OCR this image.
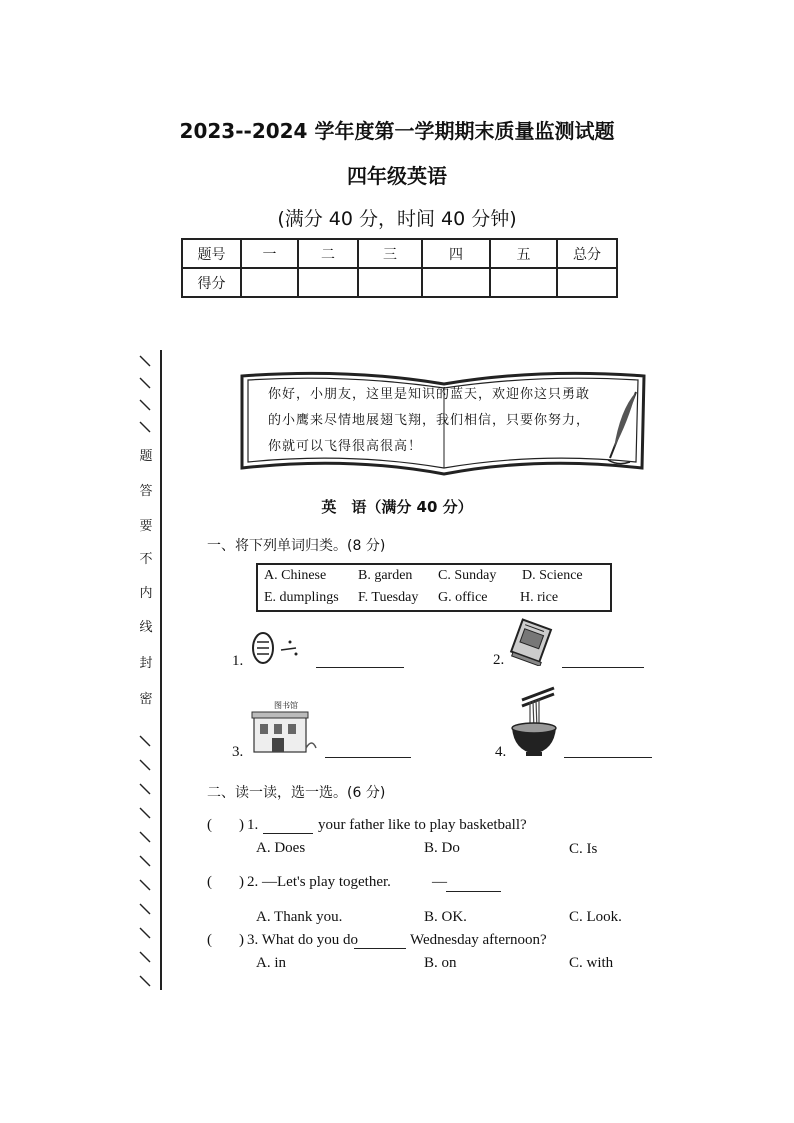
2023--2024 学年度第一学期期末质量监测试题
四年级英语
(满分 40 分，时间 40 分钟)
题号	一	二	三	四	五	总分
得分						
题
答
要
不
内
线
封
密
你好，小朋友，这里是知识的蓝天，欢迎你这只勇敢的小鹰来尽情地展翅飞翔，我们相信，只要你努力，你就可以飞得很高很高！
英　语（满分 40 分）
一、将下列单词归类。(8 分)
A. Chinese B. garden C. Sunday D. Science
E. dumplings F. Tuesday G. office H. rice
1.	2.
3.
图书馆
4.
二、读一读，选一选。(6 分)
( ) 1.	your father like to play basketball?
A. Does	B. Do	C. Is
( ) 2. —Let's play together.	—
A. Thank you.	B. OK.	C. Look.
( ) 3. What do you do	Wednesday afternoon?
A. in	B. on	C. with
